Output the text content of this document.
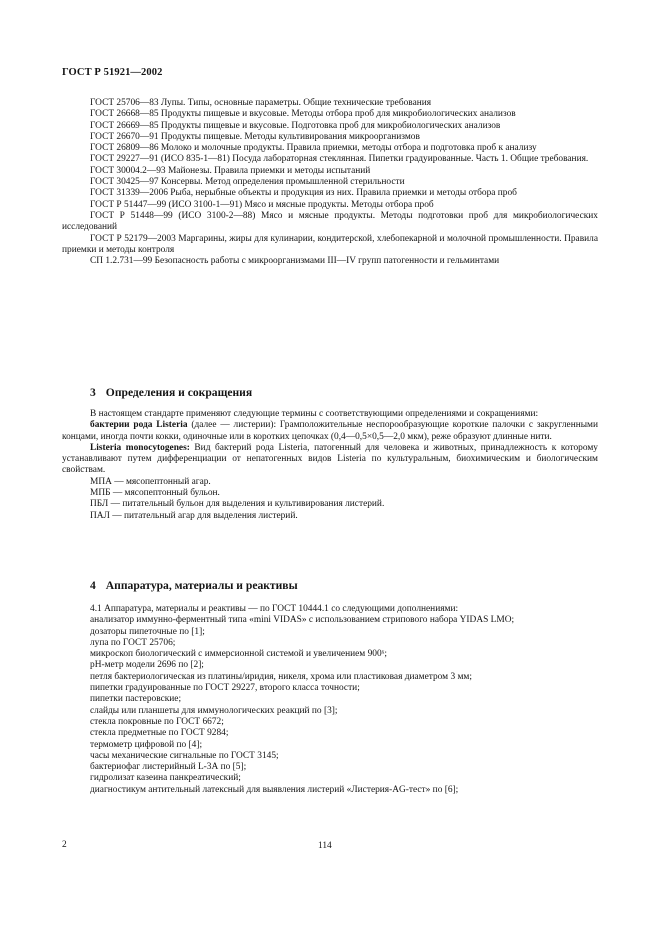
ГОСТ Р 51921—2002

ГОСТ 25706—83 Лупы. Типы, основные параметры. Общие технические требования

ГОСТ 26668—85 Продукты пищевые и вкусовые. Методы отбора проб для микробиологических анализов

ГОСТ 26669—85 Продукты пищевые и вкусовые. Подготовка проб для микробиологических анализов

ГОСТ 26670—91 Продукты пищевые. Методы культивирования микроорганизмов

ГОСТ 26809—86 Молоко и молочные продукты. Правила приемки, методы отбора и подготовка проб к анализу

ГОСТ 29227—91 (ИСО 835-1—81) Посуда лабораторная стеклянная. Пипетки градуированные. Часть 1. Общие требования.

ГОСТ 30004.2—93 Майонезы. Правила приемки и методы испытаний

ГОСТ 30425—97 Консервы. Метод определения промышленной стерильности

ГОСТ 31339—2006 Рыба, нерыбные объекты и продукция из них. Правила приемки и методы отбора проб

ГОСТ Р 51447—99 (ИСО 3100-1—91) Мясо и мясные продукты. Методы отбора проб

ГОСТ Р 51448—99 (ИСО 3100-2—88) Мясо и мясные продукты. Методы подготовки проб для микробиологических исследований

ГОСТ Р 52179—2003 Маргарины, жиры для кулинарии, кондитерской, хлебопекарной и молочной промышленности. Правила приемки и методы контроля

СП 1.2.731—99 Безопасность работы с микроорганизмами III—IV групп патогенности и гельминтами

3 Определения и сокращения

В настоящем стандарте применяют следующие термины с соответствующими определениями и сокращениями:

бактерии рода Listeria (далее — листерии): Грамположительные неспорообразующие короткие палочки с закругленными концами, иногда почти кокки, одиночные или в коротких цепочках (0,4—0,5×0,5—2,0 мкм), реже образуют длинные нити.

Listeria monocytogenes: Вид бактерий рода Listeria, патогенный для человека и животных, принадлежность к которому устанавливают путем дифференциации от непатогенных видов Listeria по культуральным, биохимическим и биологическим свойствам.

МПА — мясопептонный агар.

МПБ — мясопептонный бульон.

ПБЛ — питательный бульон для выделения и культивирования листерий.

ПАЛ — питательный агар для выделения листерий.

4 Аппаратура, материалы и реактивы

4.1 Аппаратура, материалы и реактивы — по ГОСТ 10444.1 со следующими дополнениями:

анализатор иммунно-ферментный типа «mini VIDAS» с использованием стрипового набора YIDAS LMO;

дозаторы пипеточные по [1];

лупа по ГОСТ 25706;

микроскоп биологический с иммерсионной системой и увеличением 900ˣ;

рН-метр модели 2696 по [2];

петля бактериологическая из платины/иридия, никеля, хрома или пластиковая диаметром 3 мм;

пипетки градуированные по ГОСТ 29227, второго класса точности;

пипетки пастеровские;

слайды или планшеты для иммунологических реакций по [3];

стекла покровные по ГОСТ 6672;

стекла предметные по ГОСТ 9284;

термометр цифровой по [4];

часы механические сигнальные по ГОСТ 3145;

бактериофаг листерийный L-3А по [5];

гидролизат казеина панкреатический;

диагностикум антительный латексный для выявления листерий «Листерия-AG-тест» по [6];

2	114
